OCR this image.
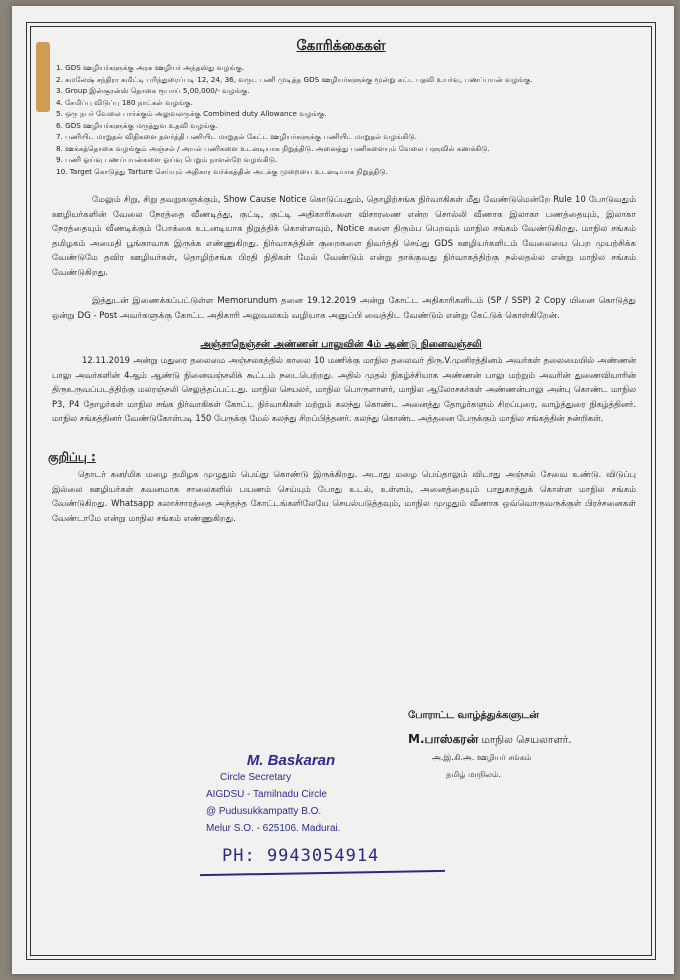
கோரிக்கைகள்
1. GDS ஊழியர்களுக்கு அரசு ஊழியர் அந்தஸ்து வழங்கு.
2. கமலேஷ் சந்திரா கமிட்டி பரிந்துரைப்படி 12, 24, 36, வருட பணி முடித்த GDS ஊழியர்களுக்கு மூன்று கட்ட பதவி உயர்வு, பணப்பயன் வழங்கு.
3. Group இன்சூரன்ஸ் தொகை ரூபாய் 5,00,000/- வழங்கு.
4. சேமிப்பு விடுப்பு 180 நாட்கள் வழங்கு.
5. ஒரு நபர் வேலை பார்க்கும் அலுவலருக்கு Combined duty Allowance வழங்கு.
6. GDS ஊழியர்களுக்கு மருத்துவ உதவி வழங்கு.
7. பணியிட மாறுதல் விதிகளை தளர்த்தி பணியிட மாறுதல் கேட்ட ஊழியர்களுக்கு பணியிட மாறுதல் வழங்கிடு.
8. ஊக்கத்தொகை வழங்கும் அஞ்சல் / அயல் பணிகளை உடனடியாக நிறுத்திடு. அனைத்து பணிகளையும் வேலை பளுவில் கணக்கிடு.
9. பணி ஓய்வு பணப்பயன்களை ஓய்வு பெறும் நாளன்றே வழங்கிடு.
10. Target கொடுத்து Tarture செய்யும் அதிகார வர்க்கத்தின் அடக்கு முறையை உடனடியாக நிறுத்திடு.

மேலும் சிறு, சிறு தவறுகளுக்கும், Show Cause Notice கொடுப்பதும், தொழிற்சங்க நிர்வாகிகள் மீது வேண்டுமென்றே Rule 10 போடுவதும் ஊழியர்களின் வேலை நேரத்தை வீணடித்து, குட்டி, குட்டி அதிகாரிகளை விசாரணை என்ற சொல்லி வீணாக இலாகா பணத்தையும், இலாகா நேரத்தையும் வீணடிக்கும் போக்கை உடனடியாக நிறுத்திக் கொள்ளவும், Notice களை திரும்ப பெறவும் மாநில சங்கம் வேண்டுகிறது. மாநில சங்கம் தமிழகம் அமைதி பூங்காவாக இருக்க எண்ணுகிறது. நிர்வாகத்தின் குறைகளை நிவர்த்தி செய்து GDS ஊழியர்களிடம் வேலையை பெற முயற்சிக்க வேண்டுமே தவிர ஊழியர்கள், தொழிற்சங்க பிரதி நிதிகள் மேல் வேண்டும் என்று தாக்குவது நிர்வாகத்திற்கு நல்லதல்ல என்று மாநில சங்கம் வேண்டுகிறது.

இத்துடன் இணைக்கப்பட்டுள்ள Memorundum தனை 19.12.2019 அன்று கோட்ட அதிகாரிகளிடம் (SP / SSP) 2 Copy யினை கொடுத்து ஒன்று DG - Post அவர்களுக்கு கோட்ட அதிகாரி அலுவலகம் வழியாக அனுப்பி வைத்திட வேண்டும் என்று கேட்டுக் கொள்கிறேன்.

அஞ்சாநெஞ்சன் அண்ணன் பாலுவின் 4ம் ஆண்டு நினைவஞ்சலி

12.11.2019 அன்று மதுரை தலைமை அஞ்சலகத்தில் காலை 10 மணிக்கு மாநில தலைவர் திரு.V.முனிரத்தினம் அவர்கள் தலைமையில் அண்ணன் பாலு அவர்களின் 4ஆம் ஆண்டு நினைவஞ்சலிக் கூட்டம் நடைபெற்றது. அதில் முதல் நிகழ்ச்சியாக அண்ணன் பாலு மற்றும் அவரின் துணைவியாரின் திருஉருவப்படத்திற்கு மலரஞ்சலி செலுத்தப்பட்டது. மாநில செயலர், மாநில பொருளாளர், மாநில ஆலோசகர்கள் அண்ணன்பாலு அன்பு கொண்ட மாநில P3, P4 தோழர்கள் மாநில சங்க நிர்வாகிகள் கோட்ட நிர்வாகிகள் மற்றும் கலந்து கொண்ட அனைத்து தோழர்களும் சிறப்புரை, வாழ்த்துரை நிகழ்த்தினர். மாநில சங்கத்தினர் வேண்டுகோள்படி 150 பேருக்கு மேல் கலந்து சிறப்பித்தனர். கலந்து கொண்ட அத்தனை பேருக்கும் மாநில சங்கத்தின் நன்றிகள்.

குறிப்பு :

தொடர் கன/மிக மழை தமிழக முழுதும் பெய்து கொண்டு இருக்கிறது. அடாது மழை பெய்தாலும் விடாது அஞ்சல் சேவை உண்டு. விடுப்பு இல்லை ஊழியர்கள் கவனமாக சாலைகளில் பயணம் செய்யும் போது உடல், உள்ளம், அனைத்தையும் பாதுகாத்துக் கொள்ள மாநில சங்கம் வேண்டுகிறது. Whatsapp கலாச்சாரத்தை அந்தந்த கோட்டங்களிலேயே செயல்படுத்தவும், மாநில முழுதும் வீணாக ஒவ்வொருவருக்குள் பிரச்சனைகள் வேண்டாமே என்று மாநில சங்கம் எண்ணுகிறது.

போராட்ட வாழ்த்துக்களுடன்
M.பாஸ்கரன் மாநில செயலாளர்.
அ.இ.கி.அ. ஊழியர் சங்கம்
தமிழ் மாநிலம்.
M. Baskaran
Circle Secretary
AIGDSU - Tamilnadu Circle
@ Pudusukkampatty B.O.
Melur S.O. - 625106. Madurai.
PH: 9943054914
